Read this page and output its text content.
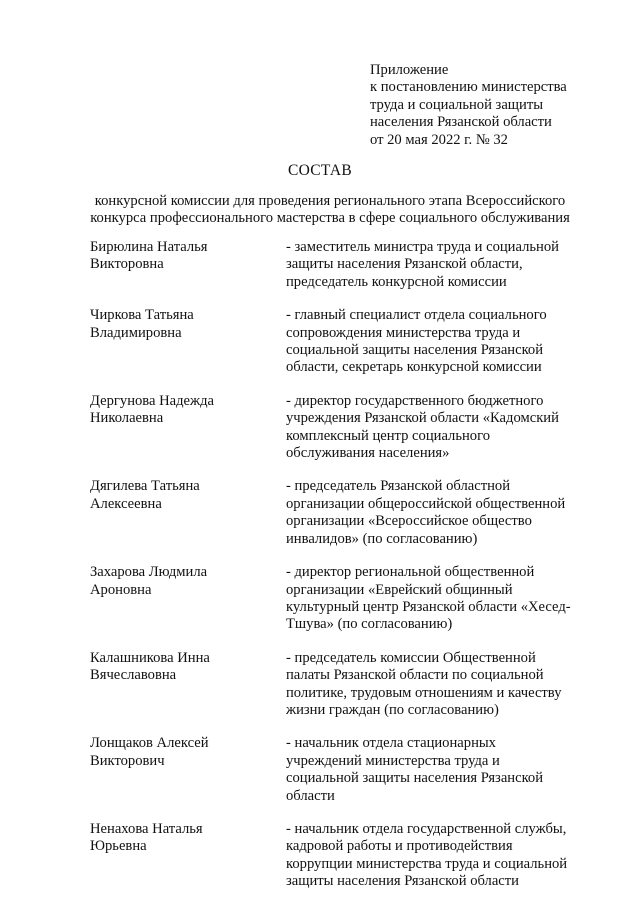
Приложение
к постановлению министерства
труда и социальной защиты
населения Рязанской области
от 20 мая 2022 г. № 32
СОСТАВ
конкурсной комиссии для проведения регионального этапа Всероссийского
конкурса профессионального мастерства в сфере социального обслуживания
Бирюлина Наталья
Викторовна
- заместитель министра труда и социальной
защиты населения Рязанской области,
председатель конкурсной комиссии
Чиркова Татьяна
Владимировна
- главный специалист отдела социального
сопровождения министерства труда и
социальной защиты населения Рязанской
области, секретарь конкурсной комиссии
Дергунова Надежда
Николаевна
- директор государственного бюджетного
учреждения Рязанской области «Кадомский
комплексный центр социального
обслуживания населения»
Дягилева Татьяна
Алексеевна
- председатель Рязанской областной
организации общероссийской общественной
организации «Всероссийское общество
инвалидов» (по согласованию)
Захарова Людмила
Ароновна
- директор региональной общественной
организации «Еврейский общинный
культурный центр Рязанской области «Хесед-
Тшува» (по согласованию)
Калашникова Инна
Вячеславовна
- председатель комиссии Общественной
палаты Рязанской области по социальной
политике, трудовым отношениям и качеству
жизни граждан (по согласованию)
Лонщаков Алексей
Викторович
- начальник отдела стационарных
учреждений министерства труда и
социальной защиты населения Рязанской
области
Ненахова Наталья
Юрьевна
- начальник отдела государственной службы,
кадровой работы и противодействия
коррупции министерства труда и социальной
защиты населения Рязанской области
